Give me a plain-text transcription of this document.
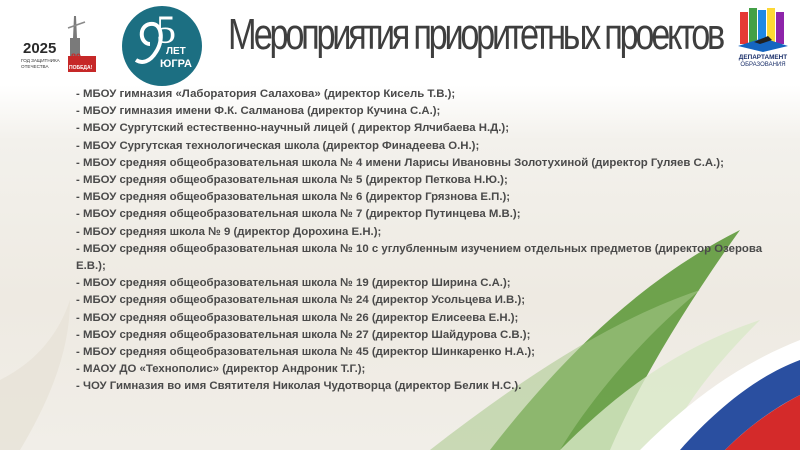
2025
ГОД ЗАЩИТНИКА
ОТЕЧЕСТВА
80
ПОБЕДА!
5
ЛЕТ
ЮГРА
Мероприятия приоритетных проектов	ДЕПАРТАМЕНТ
ОБРАЗОВАНИЯ
- МБОУ гимназия «Лаборатория Салахова» (директор Кисель Т.В.);
- МБОУ гимназия имени Ф.К. Салманова (директор Кучина С.А.);
- МБОУ Сургутский естественно-научный лицей ( директор Ялчибаева Н.Д.);
- МБОУ Сургутская технологическая школа (директор Финадеева О.Н.);
- МБОУ средняя общеобразовательная школа № 4 имени Ларисы Ивановны Золотухиной (директор Гуляев С.А.);
- МБОУ средняя общеобразовательная школа № 5 (директор Петкова Н.Ю.);
- МБОУ средняя общеобразовательная школа № 6 (директор Грязнова Е.П.);
- МБОУ средняя общеобразовательная школа № 7 (директор Путинцева М.В.);
- МБОУ средняя школа № 9 (директор Дорохина Е.Н.);
- МБОУ средняя общеобразовательная школа № 10 с углубленным изучением отдельных предметов (директор Озерова Е.В.);
- МБОУ средняя общеобразовательная школа № 19 (директор Ширина С.А.);
- МБОУ средняя общеобразовательная школа № 24 (директор Усольцева И.В.);
- МБОУ средняя общеобразовательная школа № 26 (директор Елисеева Е.Н.);
- МБОУ средняя общеобразовательная школа № 27 (директор Шайдурова С.В.);
- МБОУ средняя общеобразовательная школа № 45 (директор Шинкаренко Н.А.);
- МАОУ ДО «Технополис» (директор Андроник Т.Г.);
- ЧОУ Гимназия во имя Святителя Николая Чудотворца (директор Белик Н.С.).
